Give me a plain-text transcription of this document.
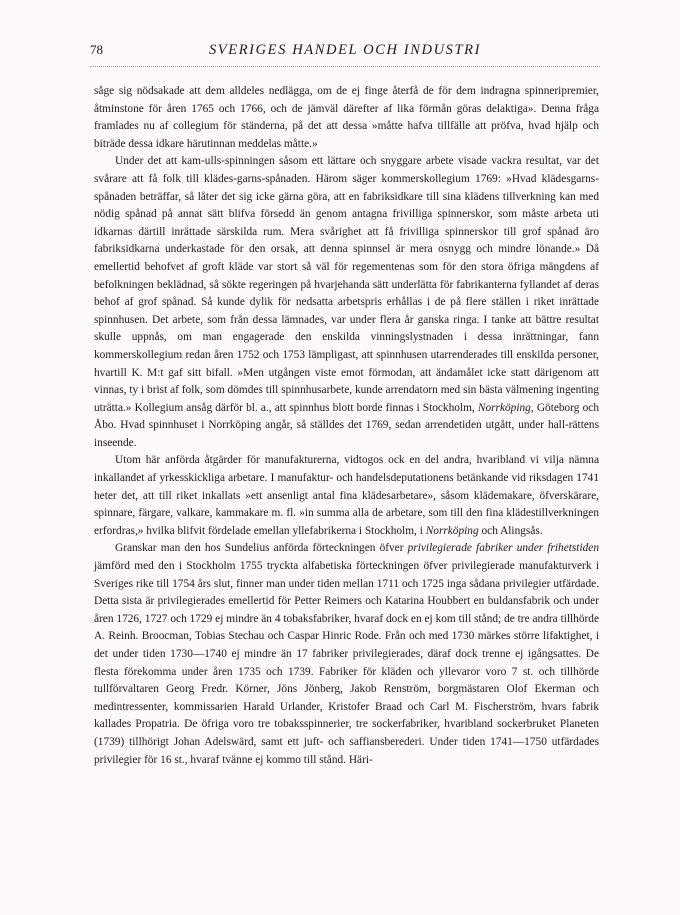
78	SVERIGES HANDEL OCH INDUSTRI

såge sig nödsakade att dem alldeles nedlägga, om de ej finge återfå de för dem indragna spinneripremier, åtminstone för åren 1765 och 1766, och de jämväl därefter af lika förmån göras delaktiga». Denna fråga framlades nu af collegium för ständerna, på det att dessa »måtte hafva tillfälle att pröfva, hvad hjälp och biträde dessa idkare härutinnan meddelas måtte.»

Under det att kam-ulls-spinningen såsom ett lättare och snyggare arbete visade vackra resultat, var det svårare att få folk till klädes-garns-spånaden. Härom säger kommerskollegium 1769: »Hvad klädesgarns-spånaden beträffar, så låter det sig icke gärna göra, att en fabriksidkare till sina klädens tillverkning kan med nödig spånad på annat sätt blifva försedd än genom antagna frivilliga spinnerskor, som måste arbeta uti idkarnas därtill inrättade särskilda rum. Mera svårighet att få frivilliga spinnerskor till grof spånad äro fabriksidkarna underkastade för den orsak, att denna spinnsel är mera osnygg och mindre lönande.» Då emellertid behofvet af groft kläde var stort så väl för regementenas som för den stora öfriga mängdens af befolkningen beklädnad, så sökte regeringen på hvarjehanda sätt underlätta för fabrikanterna fyllandet af deras behof af grof spånad. Så kunde dylik för nedsatta arbetspris erhållas i de på flere ställen i riket inrättade spinnhusen. Det arbete, som från dessa lämnades, var under flera år ganska ringa. I tanke att bättre resultat skulle uppnås, om man engagerade den enskilda vinningslystnaden i dessa inrättningar, fann kommerskollegium redan åren 1752 och 1753 lämpligast, att spinnhusen utarrenderades till enskilda personer, hvartill K. M:t gaf sitt bifall. »Men utgången viste emot förmodan, att ändamålet icke statt därigenom att vinnas, ty i brist af folk, som dömdes till spinnhusarbete, kunde arrendatorn med sin bästa välmening ingenting uträtta.» Kollegium ansåg därför bl. a., att spinnhus blott borde finnas i Stockholm, Norrköping, Göteborg och Åbo. Hvad spinnhuset i Norrköping angår, så ställdes det 1769, sedan arrendetiden utgått, under hall-rättens inseende.

Utom här anförda åtgärder för manufakturerna, vidtogos ock en del andra, hvaribland vi vilja nämna inkallandet af yrkesskickliga arbetare. I manufaktur- och handelsdeputationens betänkande vid riksdagen 1741 heter det, att till riket inkallats »ett ansenligt antal fina klädesarbetare», såsom klädemakare, öfverskärare, spinnare, färgare, valkare, kammakare m. fl. »in summa alla de arbetare, som till den fina klädestillverkningen erfordras,» hvilka blifvit fördelade emellan yllefabrikerna i Stockholm, i Norrköping och Alingsås.

Granskar man den hos Sundelius anförda förteckningen öfver privilegierade fabriker under frihetstiden jämförd med den i Stockholm 1755 tryckta alfabetiska förteckningen öfver privilegierade manufakturverk i Sveriges rike till 1754 års slut, finner man under tiden mellan 1711 och 1725 inga sådana privilegier utfärdade. Detta sista är privilegierades emellertid för Petter Reimers och Katarina Houbbert en buldansfabrik och under åren 1726, 1727 och 1729 ej mindre än 4 tobaksfabriker, hvaraf dock en ej kom till stånd; de tre andra tillhörde A. Reinh. Broocman, Tobias Stechau och Caspar Hinric Rode. Från och med 1730 märkes större lifaktighet, i det under tiden 1730—1740 ej mindre än 17 fabriker privilegierades, däraf dock trenne ej igångsattes. De flesta förekomma under åren 1735 och 1739. Fabriker för kläden och yllevaror voro 7 st. och tillhörde tullförvaltaren Georg Fredr. Körner, Jöns Jönberg, Jakob Renström, borgmästaren Olof Ekerman och medintressenter, kommissarien Harald Urlander, Kristofer Braad och Carl M. Fischerström, hvars fabrik kallades Propatria. De öfriga voro tre tobaksspinnerier, tre sockerfabriker, hvaribland sockerbruket Planeten (1739) tillhörigt Johan Adelswärd, samt ett juft- och saffiansberederi. Under tiden 1741—1750 utfärdades privilegier för 16 st., hvaraf tvänne ej kommo till stånd. Häri-
